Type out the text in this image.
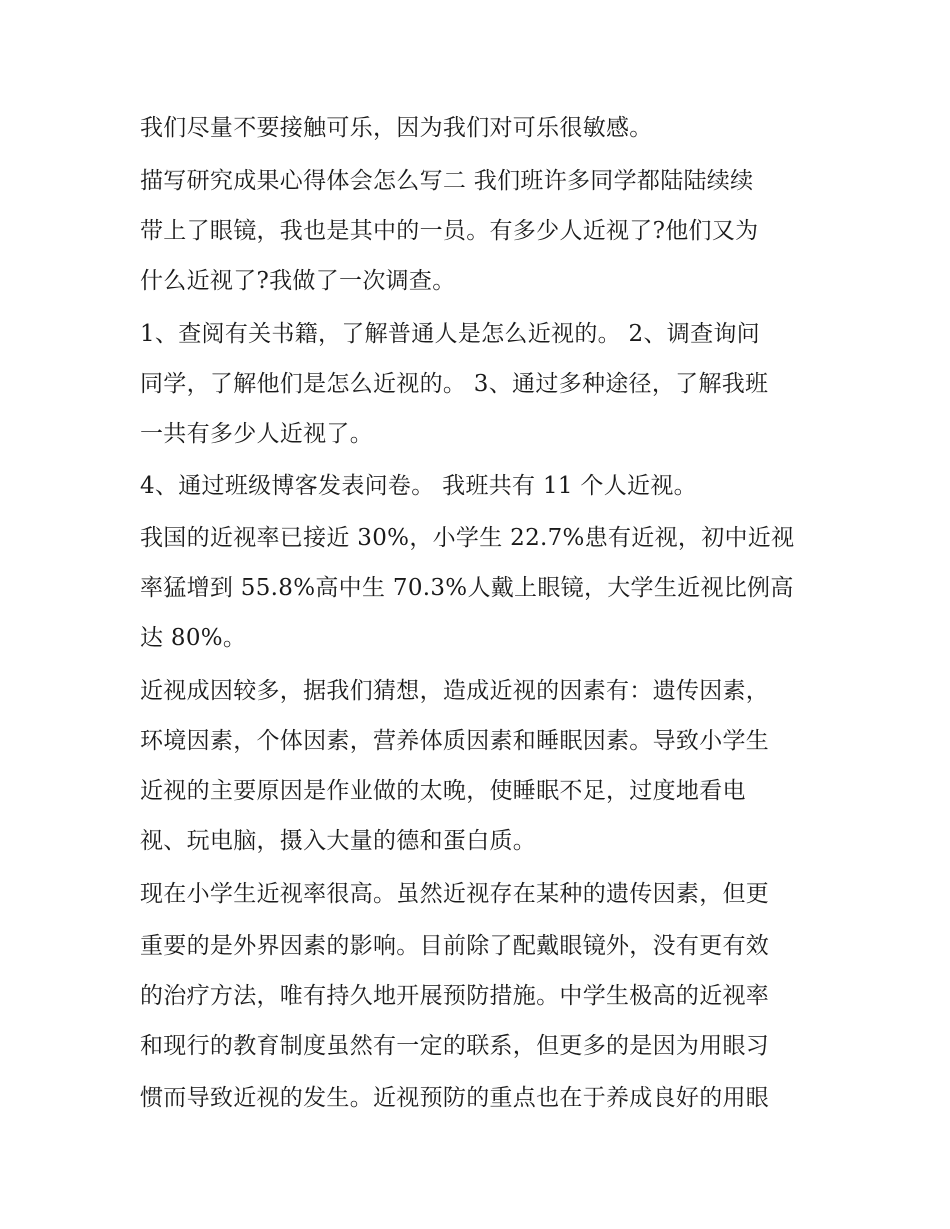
我们尽量不要接触可乐，因为我们对可乐很敏感。
描写研究成果心得体会怎么写二 我们班许多同学都陆陆续续
带上了眼镜，我也是其中的一员。有多少人近视了?他们又为
什么近视了?我做了一次调查。
1、查阅有关书籍，了解普通人是怎么近视的。 2、调查询问
同学，了解他们是怎么近视的。 3、通过多种途径，了解我班
一共有多少人近视了。
4、通过班级博客发表问卷。 我班共有 11 个人近视。
我国的近视率已接近 30%，小学生 22.7%患有近视，初中近视
率猛增到 55.8%高中生 70.3%人戴上眼镜，大学生近视比例高
达 80%。
近视成因较多，据我们猜想，造成近视的因素有：遗传因素，
环境因素，个体因素，营养体质因素和睡眠因素。导致小学生
近视的主要原因是作业做的太晚，使睡眠不足，过度地看电
视、玩电脑，摄入大量的德和蛋白质。
现在小学生近视率很高。虽然近视存在某种的遗传因素，但更
重要的是外界因素的影响。目前除了配戴眼镜外，没有更有效
的治疗方法，唯有持久地开展预防措施。中学生极高的近视率
和现行的教育制度虽然有一定的联系，但更多的是因为用眼习
惯而导致近视的发生。近视预防的重点也在于养成良好的用眼
